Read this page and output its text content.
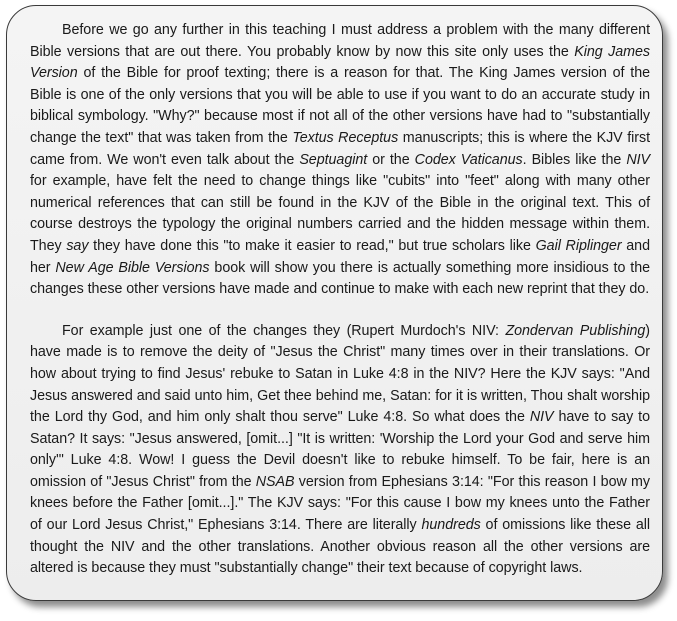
Before we go any further in this teaching I must address a problem with the many different Bible versions that are out there. You probably know by now this site only uses the King James Version of the Bible for proof texting; there is a reason for that. The King James version of the Bible is one of the only versions that you will be able to use if you want to do an accurate study in biblical symbology. "Why?" because most if not all of the other versions have had to "substantially change the text" that was taken from the Textus Receptus manuscripts; this is where the KJV first came from. We won't even talk about the Septuagint or the Codex Vaticanus. Bibles like the NIV for example, have felt the need to change things like "cubits" into "feet" along with many other numerical references that can still be found in the KJV of the Bible in the original text. This of course destroys the typology the original numbers carried and the hidden message within them. They say they have done this "to make it easier to read," but true scholars like Gail Riplinger and her New Age Bible Versions book will show you there is actually something more insidious to the changes these other versions have made and continue to make with each new reprint that they do.

For example just one of the changes they (Rupert Murdoch's NIV: Zondervan Publishing) have made is to remove the deity of "Jesus the Christ" many times over in their translations. Or how about trying to find Jesus' rebuke to Satan in Luke 4:8 in the NIV? Here the KJV says: "And Jesus answered and said unto him, Get thee behind me, Satan: for it is written, Thou shalt worship the Lord thy God, and him only shalt thou serve" Luke 4:8. So what does the NIV have to say to Satan? It says: "Jesus answered, [omit...] "It is written: 'Worship the Lord your God and serve him only'" Luke 4:8. Wow! I guess the Devil doesn't like to rebuke himself. To be fair, here is an omission of "Jesus Christ" from the NSAB version from Ephesians 3:14: "For this reason I bow my knees before the Father [omit...]." The KJV says: "For this cause I bow my knees unto the Father of our Lord Jesus Christ," Ephesians 3:14. There are literally hundreds of omissions like these all thought the NIV and the other translations. Another obvious reason all the other versions are altered is because they must "substantially change" their text because of copyright laws.
